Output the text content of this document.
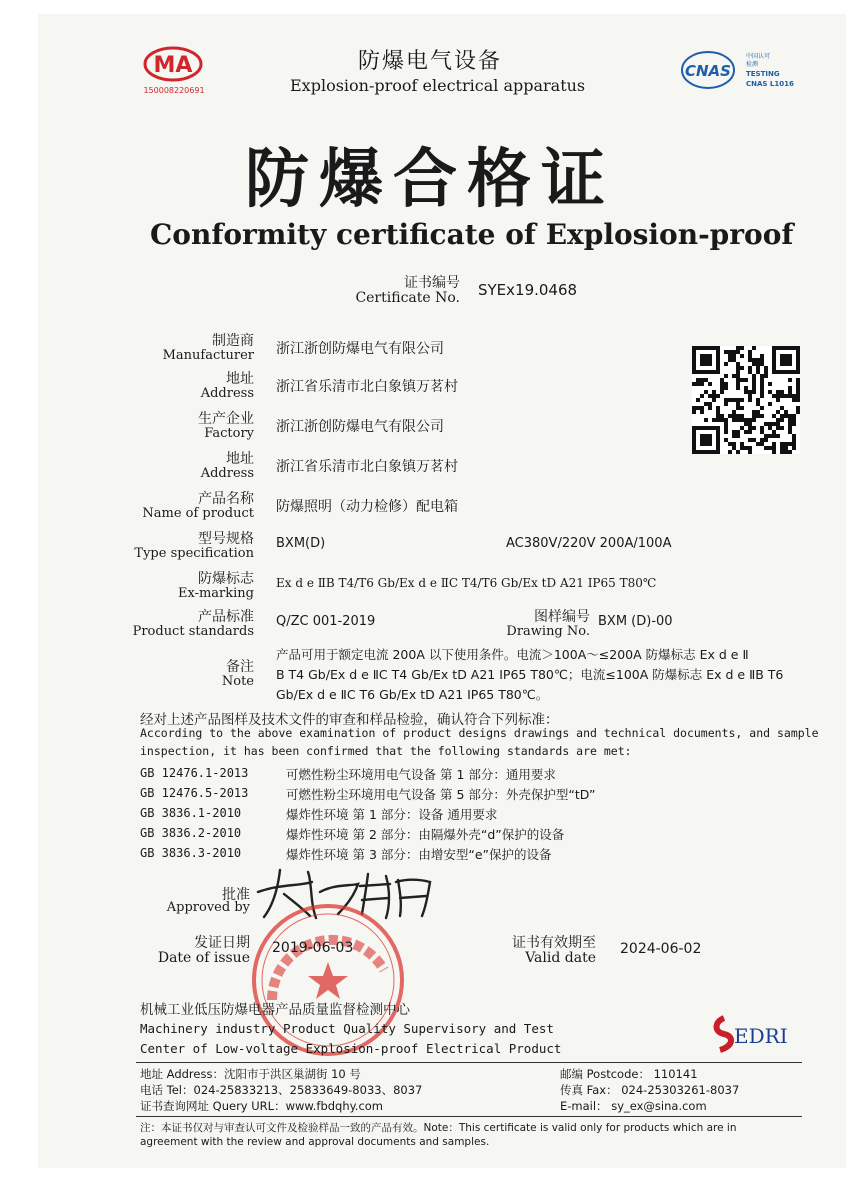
MA
150008220691
防爆电气设备
Explosion-proof electrical apparatus
CNAS
中国认可
检测
TESTING
CNAS L1016
防爆合格证
Conformity certificate of Explosion-proof
证书编号
Certificate No. SYEx19.0468
制造商
Manufacturer 浙江浙创防爆电气有限公司
地址
Address 浙江省乐清市北白象镇万茗村
生产企业
Factory 浙江浙创防爆电气有限公司
地址
Address 浙江省乐清市北白象镇万茗村
产品名称
Name of product 防爆照明（动力检修）配电箱
型号规格
Type specification
BXM(D)	AC380V/220V 200A/100A
防爆标志
Ex-marking
Ex d e ⅡB T4/T6 Gb/Ex d e ⅡC T4/T6 Gb/Ex tD A21 IP65 T80℃
产品标准
Product standards
Q/ZC 001-2019	图样编号
Drawing No.
BXM (D)-00
备注
Note
产品可用于额定电流 200A 以下使用条件。电流＞100A～≤200A 防爆标志 Ex d e Ⅱ
B T4 Gb/Ex d e ⅡC T4 Gb/Ex tD A21 IP65 T80℃；电流≤100A 防爆标志 Ex d e ⅡB T6
Gb/Ex d e ⅡC T6 Gb/Ex tD A21 IP65 T80℃。
经对上述产品图样及技术文件的审查和样品检验，确认符合下列标准：
According to the above examination of product designs drawings and technical documents, and sample
inspection, it has been confirmed that the following standards are met:
GB 12476.1-2013	可燃性粉尘环境用电气设备 第 1 部分：通用要求
GB 12476.5-2013	可燃性粉尘环境用电气设备 第 5 部分：外壳保护型“tD”
GB 3836.1-2010	爆炸性环境 第 1 部分：设备 通用要求
GB 3836.2-2010	爆炸性环境 第 2 部分：由隔爆外壳“d”保护的设备
GB 3836.3-2010	爆炸性环境 第 3 部分：由增安型“e”保护的设备
批准
Approved by
发证日期
Date of issue
2019-06-03	证书有效期至
Valid date
2024-06-02
机械工业低压防爆电器产品质量监督检测中心
Machinery industry Product Quality Supervisory and Test
Center of Low-voltage Explosion-proof Electrical Product
EDRI
地址 Address：沈阳市于洪区巢湖街 10 号	邮编 Postcode： 110141
电话 Tel：024-25833213、25833649-8033、8037	传真 Fax： 024-25303261-8037
证书查询网址 Query URL：www.fbdqhy.com	E-mail： sy_ex@sina.com
注：本证书仅对与审查认可文件及检验样品一致的产品有效。Note：This certificate is valid only for products which are in
agreement with the review and approval documents and samples.
